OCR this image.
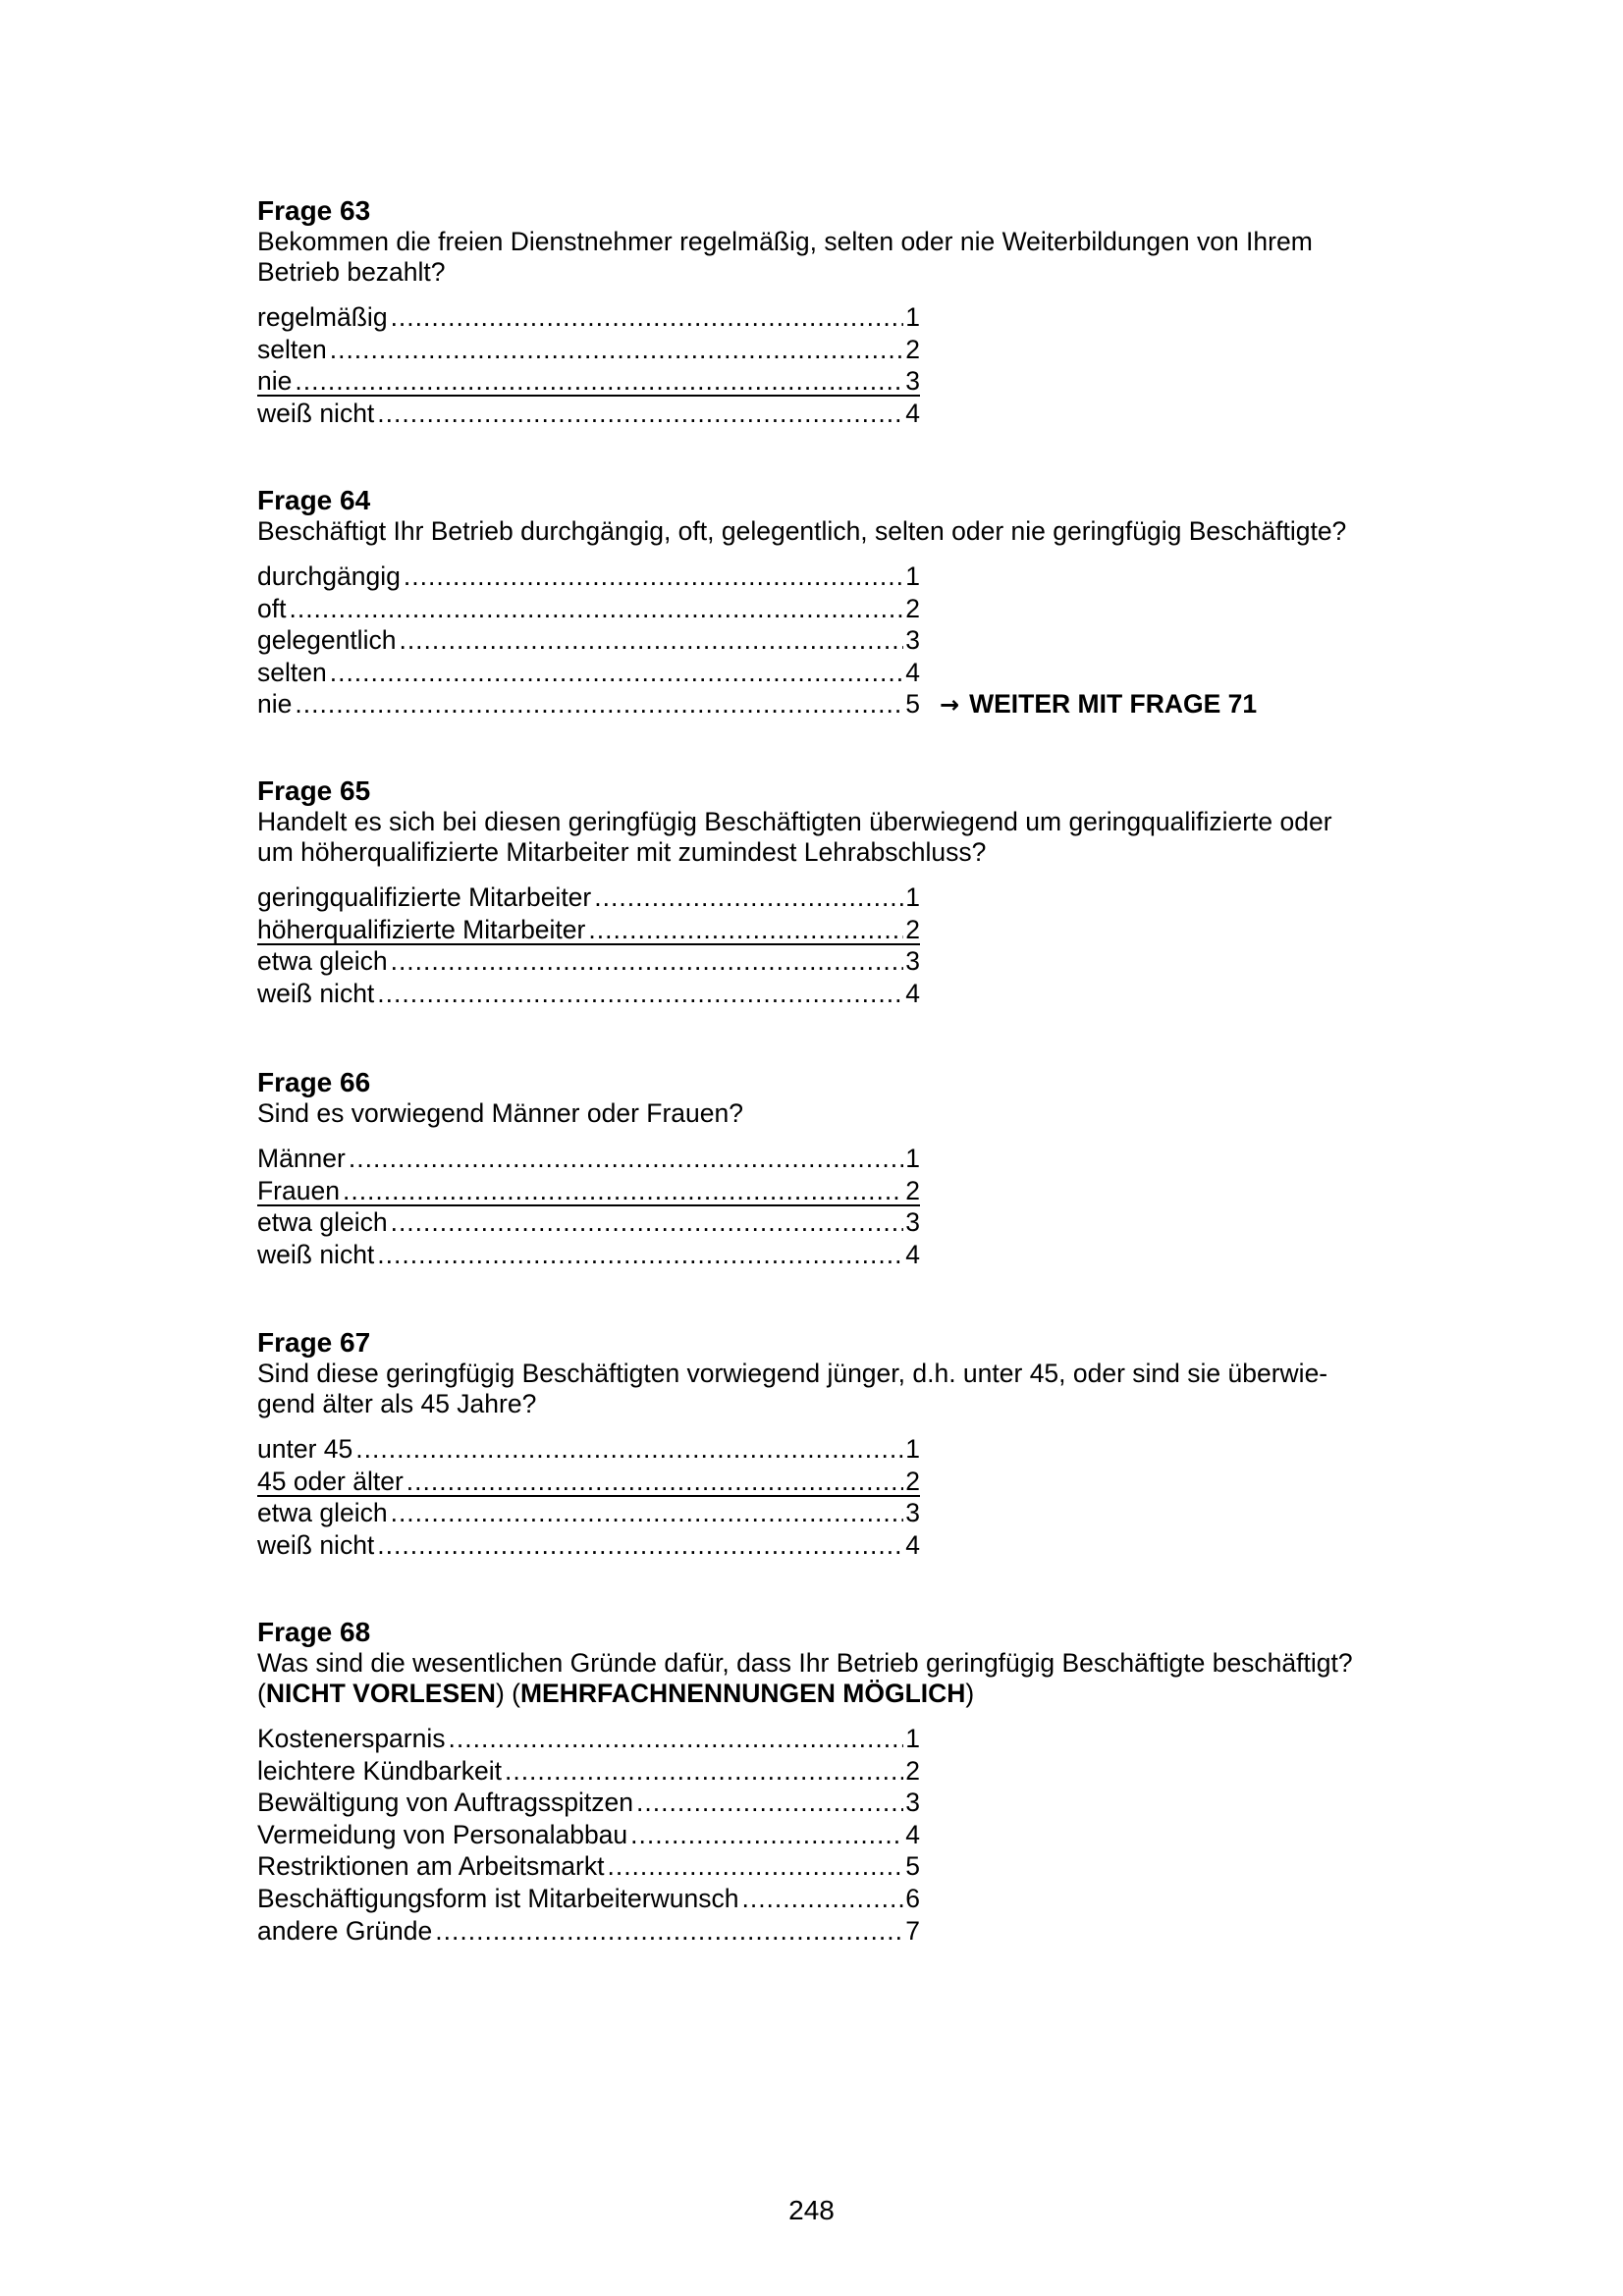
Frage 63
Bekommen die freien Dienstnehmer regelmäßig, selten oder nie Weiterbildungen von Ihrem
Betrieb bezahlt?
regelmäßig .....	1
selten .....	2
nie .....	3
weiß nicht .....	4
Frage 64
Beschäftigt Ihr Betrieb durchgängig, oft, gelegentlich, selten oder nie geringfügig Beschäftigte?
durchgängig .....	1
oft .....	2
gelegentlich .....	3
selten .....	4
nie .....	5 → WEITER MIT FRAGE 71
Frage 65
Handelt es sich bei diesen geringfügig Beschäftigten überwiegend um geringqualifizierte oder
um höherqualifizierte Mitarbeiter mit zumindest Lehrabschluss?
geringqualifizierte Mitarbeiter .....	1
höherqualifizierte Mitarbeiter .....	2
etwa gleich .....	3
weiß nicht .....	4
Frage 66
Sind es vorwiegend Männer oder Frauen?
Männer .....	1
Frauen .....	2
etwa gleich .....	3
weiß nicht .....	4
Frage 67
Sind diese geringfügig Beschäftigten vorwiegend jünger, d.h. unter 45, oder sind sie überwie-
gend älter als 45 Jahre?
unter 45 .....	1
45 oder älter .....	2
etwa gleich .....	3
weiß nicht .....	4
Frage 68
Was sind die wesentlichen Gründe dafür, dass Ihr Betrieb geringfügig Beschäftigte beschäftigt?
(NICHT VORLESEN) (MEHRFACHNENNUNGEN MÖGLICH)
Kostenersparnis .....	1
leichtere Kündbarkeit .....	2
Bewältigung von Auftragsspitzen .....	3
Vermeidung von Personalabbau .....	4
Restriktionen am Arbeitsmarkt .....	5
Beschäftigungsform ist Mitarbeiterwunsch .....	6
andere Gründe .....	7
248
